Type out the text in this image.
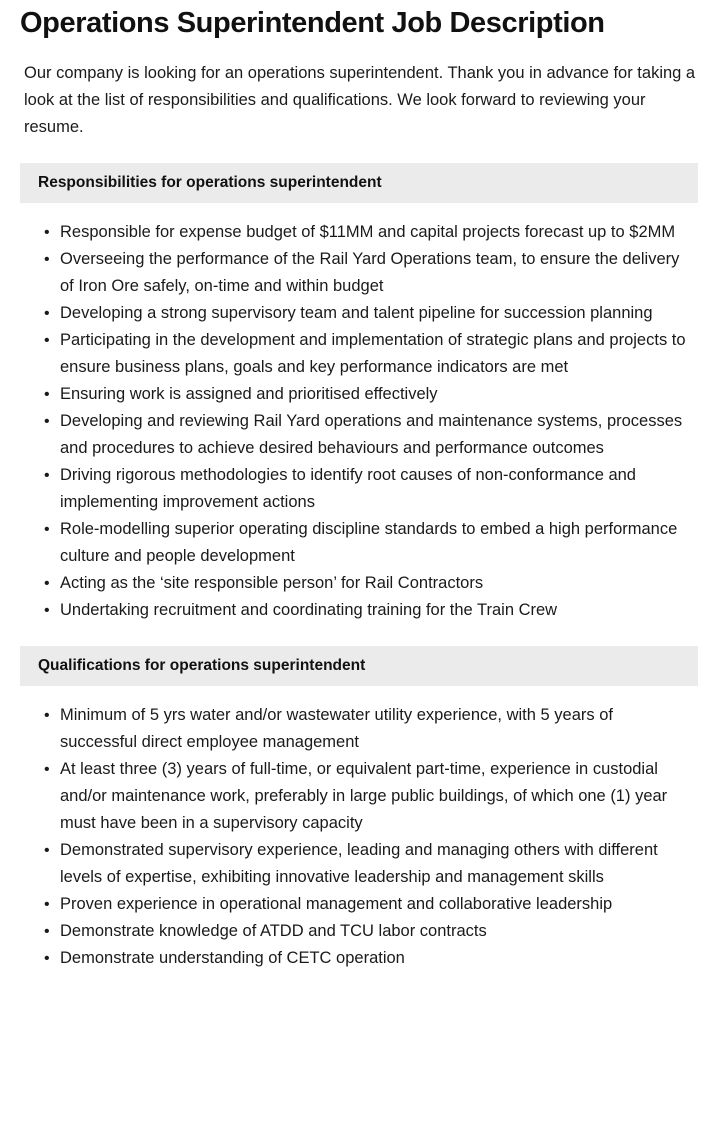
Operations Superintendent Job Description

Our company is looking for an operations superintendent. Thank you in advance for taking a look at the list of responsibilities and qualifications. We look forward to reviewing your resume.

Responsibilities for operations superintendent
• Responsible for expense budget of $11MM and capital projects forecast up to $2MM
• Overseeing the performance of the Rail Yard Operations team, to ensure the delivery of Iron Ore safely, on-time and within budget
• Developing a strong supervisory team and talent pipeline for succession planning
• Participating in the development and implementation of strategic plans and projects to ensure business plans, goals and key performance indicators are met
• Ensuring work is assigned and prioritised effectively
• Developing and reviewing Rail Yard operations and maintenance systems, processes and procedures to achieve desired behaviours and performance outcomes
• Driving rigorous methodologies to identify root causes of non-conformance and implementing improvement actions
• Role-modelling superior operating discipline standards to embed a high performance culture and people development
• Acting as the ‘site responsible person’ for Rail Contractors
• Undertaking recruitment and coordinating training for the Train Crew
Qualifications for operations superintendent
• Minimum of 5 yrs water and/or wastewater utility experience, with 5 years of successful direct employee management
• At least three (3) years of full-time, or equivalent part-time, experience in custodial and/or maintenance work, preferably in large public buildings, of which one (1) year must have been in a supervisory capacity
• Demonstrated supervisory experience, leading and managing others with different levels of expertise, exhibiting innovative leadership and management skills
• Proven experience in operational management and collaborative leadership
• Demonstrate knowledge of ATDD and TCU labor contracts
• Demonstrate understanding of CETC operation
